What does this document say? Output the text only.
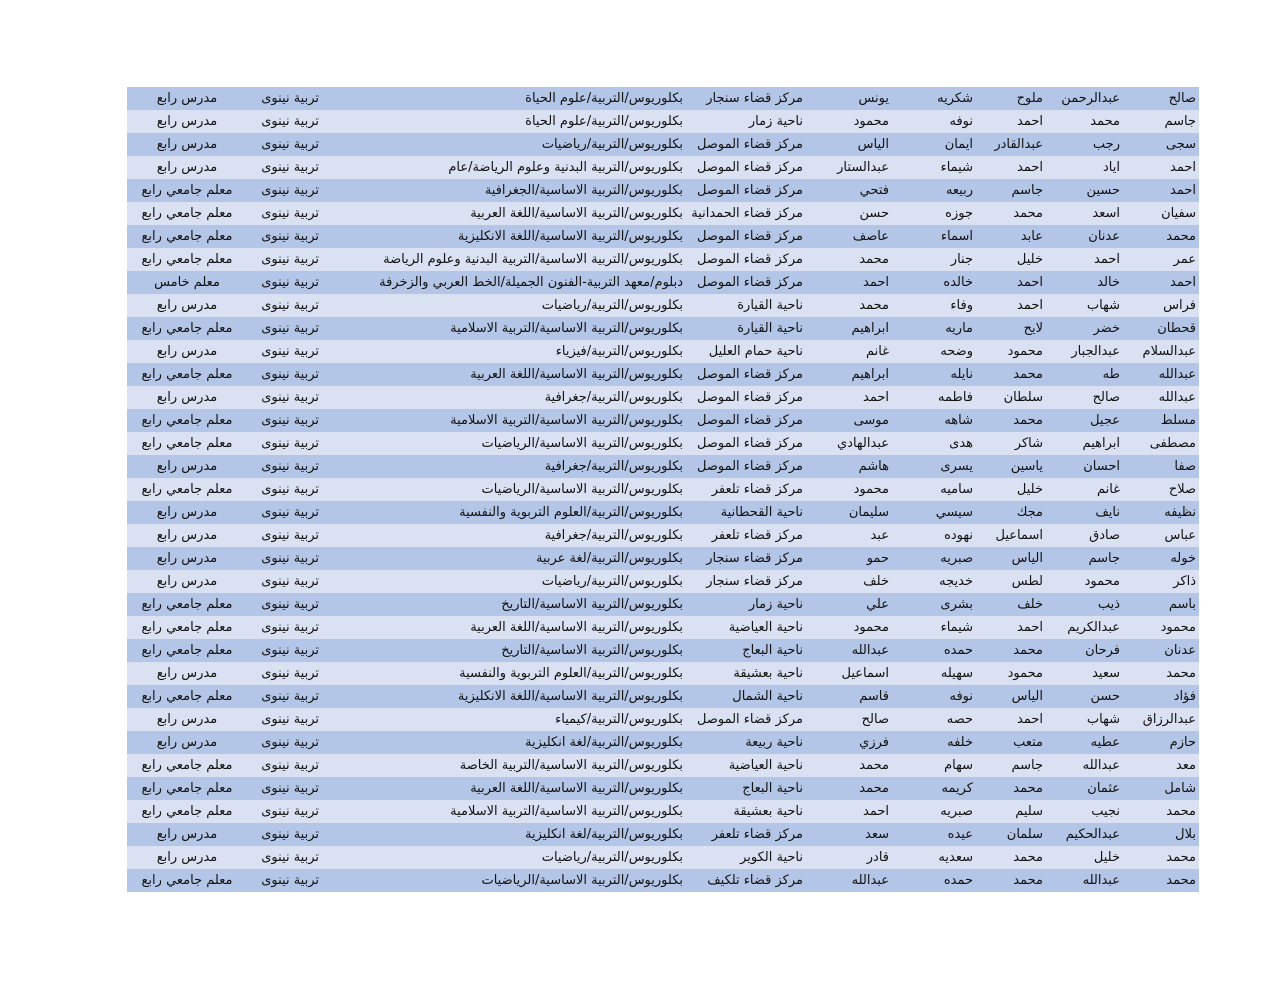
صالح	عبدالرحمن	ملوح	شكريه	يونس	مركز قضاء سنجار	بكلوريوس/التربية/علوم الحياة	تربية نينوى	مدرس رابع
جاسم	محمد	احمد	نوفه	محمود	ناحية زمار	بكلوريوس/التربية/علوم الحياة	تربية نينوى	مدرس رابع
سجى	رجب	عبدالقادر	ايمان	الياس	مركز قضاء الموصل	بكلوريوس/التربية/رياضيات	تربية نينوى	مدرس رابع
احمد	اياد	احمد	شيماء	عبدالستار	مركز قضاء الموصل	بكلوريوس/التربية البدنية وعلوم الرياضة/عام	تربية نينوى	مدرس رابع
احمد	حسين	جاسم	ربيعه	فتحي	مركز قضاء الموصل	بكلوريوس/التربية الاساسية/الجغرافية	تربية نينوى	معلم جامعي رابع
سفيان	اسعد	محمد	جوزه	حسن	مركز قضاء الحمدانية	بكلوريوس/التربية الاساسية/اللغة العربية	تربية نينوى	معلم جامعي رابع
محمد	عدنان	عابد	اسماء	عاصف	مركز قضاء الموصل	بكلوريوس/التربية الاساسية/اللغة الانكليزية	تربية نينوى	معلم جامعي رابع
عمر	احمد	خليل	جنار	محمد	مركز قضاء الموصل	بكلوريوس/التربية الاساسية/التربية البدنية وعلوم الرياضة	تربية نينوى	معلم جامعي رابع
احمد	خالد	احمد	خالده	احمد	مركز قضاء الموصل	دبلوم/معهد التربية-الفنون الجميلة/الخط العربي والزخرفة	تربية نينوى	معلم خامس
فراس	شهاب	احمد	وفاء	محمد	ناحية القيارة	بكلوريوس/التربية/رياضيات	تربية نينوى	مدرس رابع
قحطان	خضر	لايح	ماريه	ابراهيم	ناحية القيارة	بكلوريوس/التربية الاساسية/التربية الاسلامية	تربية نينوى	معلم جامعي رابع
عبدالسلام	عبدالجبار	محمود	وضحه	غانم	ناحية حمام العليل	بكلوريوس/التربية/فيزياء	تربية نينوى	مدرس رابع
عبدالله	طه	محمد	نايله	ابراهيم	مركز قضاء الموصل	بكلوريوس/التربية الاساسية/اللغة العربية	تربية نينوى	معلم جامعي رابع
عبدالله	صالح	سلطان	فاطمه	احمد	مركز قضاء الموصل	بكلوريوس/التربية/جغرافية	تربية نينوى	مدرس رابع
مسلط	عجيل	محمد	شاهه	موسى	مركز قضاء الموصل	بكلوريوس/التربية الاساسية/التربية الاسلامية	تربية نينوى	معلم جامعي رابع
مصطفى	ابراهيم	شاكر	هدى	عبدالهادي	مركز قضاء الموصل	بكلوريوس/التربية الاساسية/الرياضيات	تربية نينوى	معلم جامعي رابع
صفا	احسان	ياسين	يسرى	هاشم	مركز قضاء الموصل	بكلوريوس/التربية/جغرافية	تربية نينوى	مدرس رابع
صلاح	غانم	خليل	ساميه	محمود	مركز قضاء تلعفر	بكلوريوس/التربية الاساسية/الرياضيات	تربية نينوى	معلم جامعي رابع
نظيفه	نايف	مجك	سيسي	سليمان	ناحية القحطانية	بكلوريوس/التربية/العلوم التربوية والنفسية	تربية نينوى	مدرس رابع
عباس	صادق	اسماعيل	نهوده	عبد	مركز قضاء تلعفر	بكلوريوس/التربية/جغرافية	تربية نينوى	مدرس رابع
خوله	جاسم	الياس	صبريه	حمو	مركز قضاء سنجار	بكلوريوس/التربية/لغة عربية	تربية نينوى	مدرس رابع
ذاكر	محمود	لطس	خديجه	خلف	مركز قضاء سنجار	بكلوريوس/التربية/رياضيات	تربية نينوى	مدرس رابع
باسم	ذيب	خلف	بشرى	علي	ناحية زمار	بكلوريوس/التربية الاساسية/التاريخ	تربية نينوى	معلم جامعي رابع
محمود	عبدالكريم	احمد	شيماء	محمود	ناحية العياضية	بكلوريوس/التربية الاساسية/اللغة العربية	تربية نينوى	معلم جامعي رابع
عدنان	فرحان	محمد	حمده	عبدالله	ناحية البعاج	بكلوريوس/التربية الاساسية/التاريخ	تربية نينوى	معلم جامعي رابع
محمد	سعيد	محمود	سهيله	اسماعيل	ناحية بعشيقة	بكلوريوس/التربية/العلوم التربوية والنفسية	تربية نينوى	مدرس رابع
فؤاد	حسن	الياس	نوفه	قاسم	ناحية الشمال	بكلوريوس/التربية الاساسية/اللغة الانكليزية	تربية نينوى	معلم جامعي رابع
عبدالرزاق	شهاب	احمد	حصه	صالح	مركز قضاء الموصل	بكلوريوس/التربية/كيمياء	تربية نينوى	مدرس رابع
حازم	عطيه	متعب	خلفه	فرزي	ناحية ربيعة	بكلوريوس/التربية/لغة انكليزية	تربية نينوى	مدرس رابع
معد	عبدالله	جاسم	سهام	محمد	ناحية العياضية	بكلوريوس/التربية الاساسية/التربية الخاصة	تربية نينوى	معلم جامعي رابع
شامل	عثمان	محمد	كريمه	محمد	ناحية البعاج	بكلوريوس/التربية الاساسية/اللغة العربية	تربية نينوى	معلم جامعي رابع
محمد	نجيب	سليم	صبريه	احمد	ناحية بعشيقة	بكلوريوس/التربية الاساسية/التربية الاسلامية	تربية نينوى	معلم جامعي رابع
بلال	عبدالحكيم	سلمان	عيده	سعد	مركز قضاء تلعفر	بكلوريوس/التربية/لغة انكليزية	تربية نينوى	مدرس رابع
محمد	خليل	محمد	سعديه	قادر	ناحية الكوير	بكلوريوس/التربية/رياضيات	تربية نينوى	مدرس رابع
محمد	عبدالله	محمد	حمده	عبدالله	مركز قضاء تلكيف	بكلوريوس/التربية الاساسية/الرياضيات	تربية نينوى	معلم جامعي رابع
